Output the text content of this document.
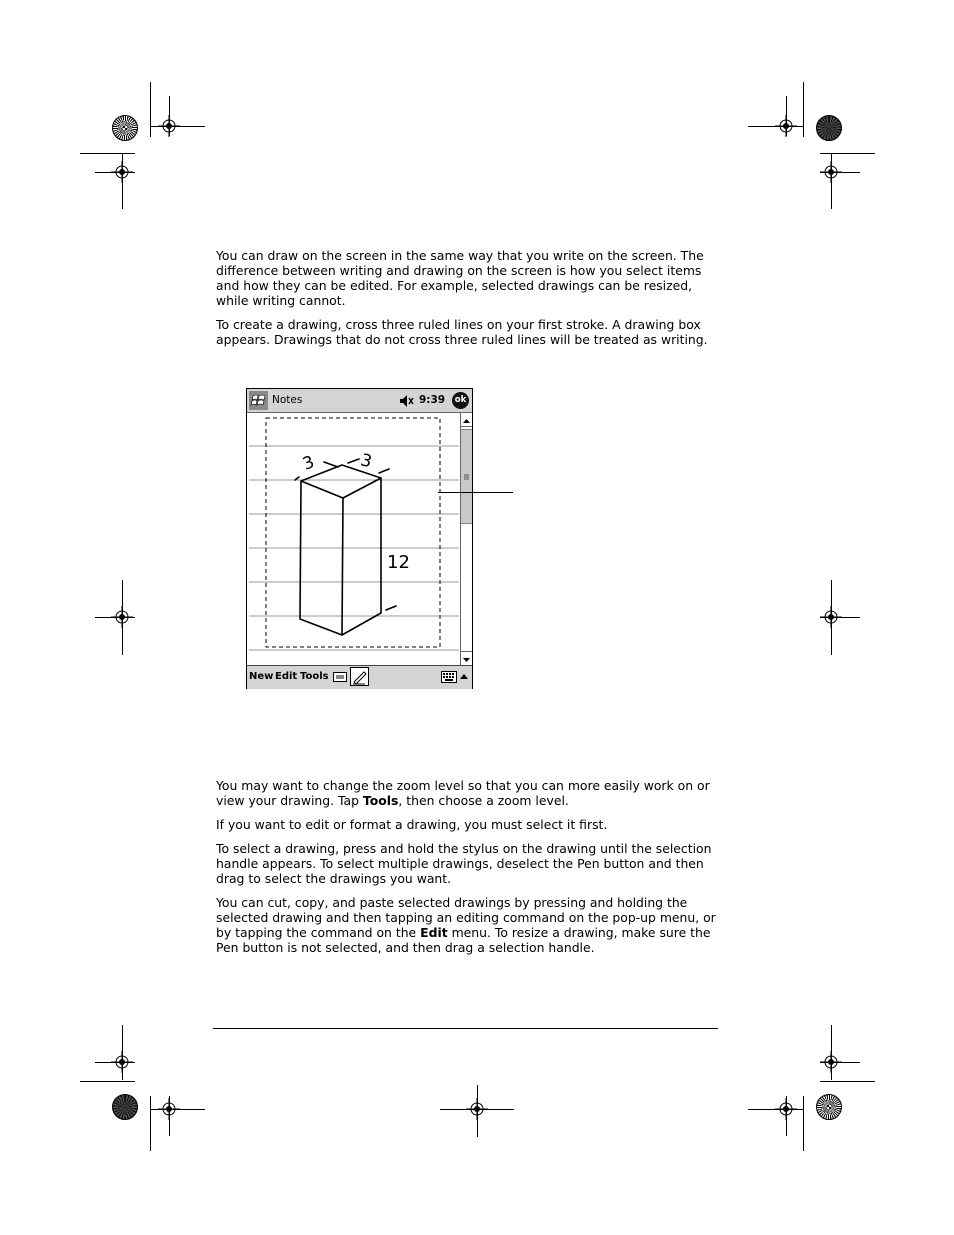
You can draw on the screen in the same way that you write on the screen. The difference between writing and drawing on the screen is how you select items and how they can be edited. For example, selected drawings can be resized, while writing cannot.

To create a drawing, cross three ruled lines on your first stroke. A drawing box appears. Drawings that do not cross three ruled lines will be treated as writing.

Notes	9:39	ok
3 3
12
New Edit Tools

You may want to change the zoom level so that you can more easily work on or view your drawing. Tap Tools, then choose a zoom level.

If you want to edit or format a drawing, you must select it first.

To select a drawing, press and hold the stylus on the drawing until the selection handle appears. To select multiple drawings, deselect the Pen button and then drag to select the drawings you want.

You can cut, copy, and paste selected drawings by pressing and holding the selected drawing and then tapping an editing command on the pop-up menu, or by tapping the command on the Edit menu. To resize a drawing, make sure the Pen button is not selected, and then drag a selection handle.
